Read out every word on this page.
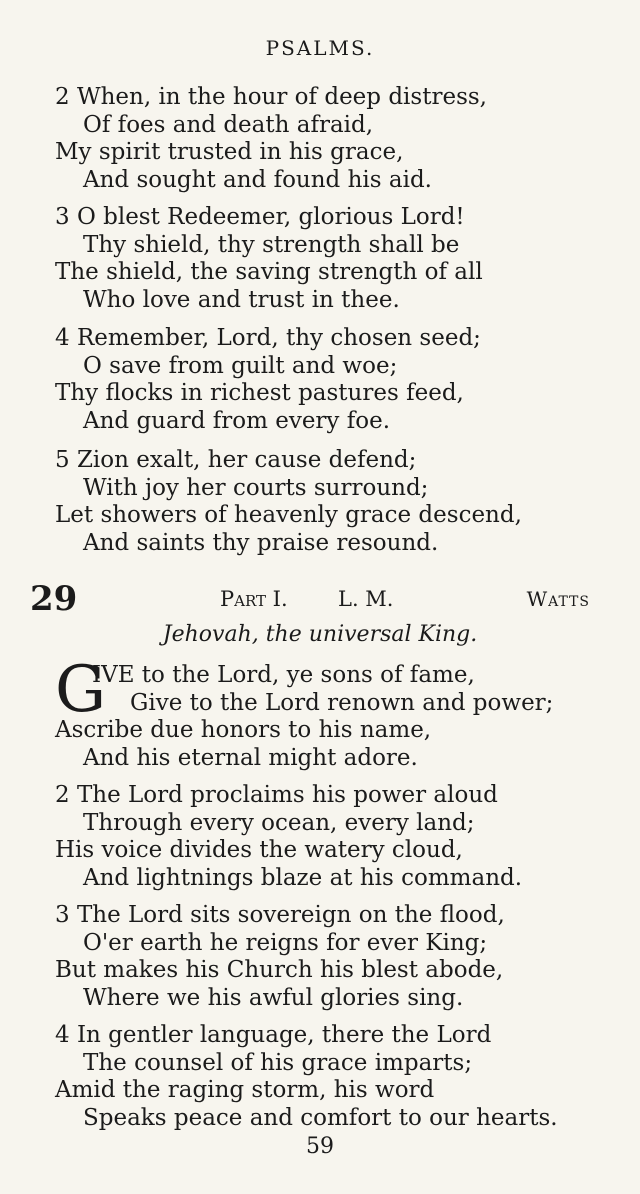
PSALMS.
2 When, in the hour of deep distress,
Of foes and death afraid,
My spirit trusted in his grace,
And sought and found his aid.
3 O blest Redeemer, glorious Lord!
Thy shield, thy strength shall be
The shield, the saving strength of all
Who love and trust in thee.
4 Remember, Lord, thy chosen seed;
O save from guilt and woe;
Thy flocks in richest pastures feed,
And guard from every foe.
5 Zion exalt, her cause defend;
With joy her courts surround;
Let showers of heavenly grace descend,
And saints thy praise resound.
29	Part I. L. M.	Watts
Jehovah, the universal King.
G
IVE to the Lord, ye sons of fame,
Give to the Lord renown and power;
Ascribe due honors to his name,
And his eternal might adore.
2 The Lord proclaims his power aloud
Through every ocean, every land;
His voice divides the watery cloud,
And lightnings blaze at his command.
3 The Lord sits sovereign on the flood,
O'er earth he reigns for ever King;
But makes his Church his blest abode,
Where we his awful glories sing.
4 In gentler language, there the Lord
The counsel of his grace imparts;
Amid the raging storm, his word
Speaks peace and comfort to our hearts.
59
